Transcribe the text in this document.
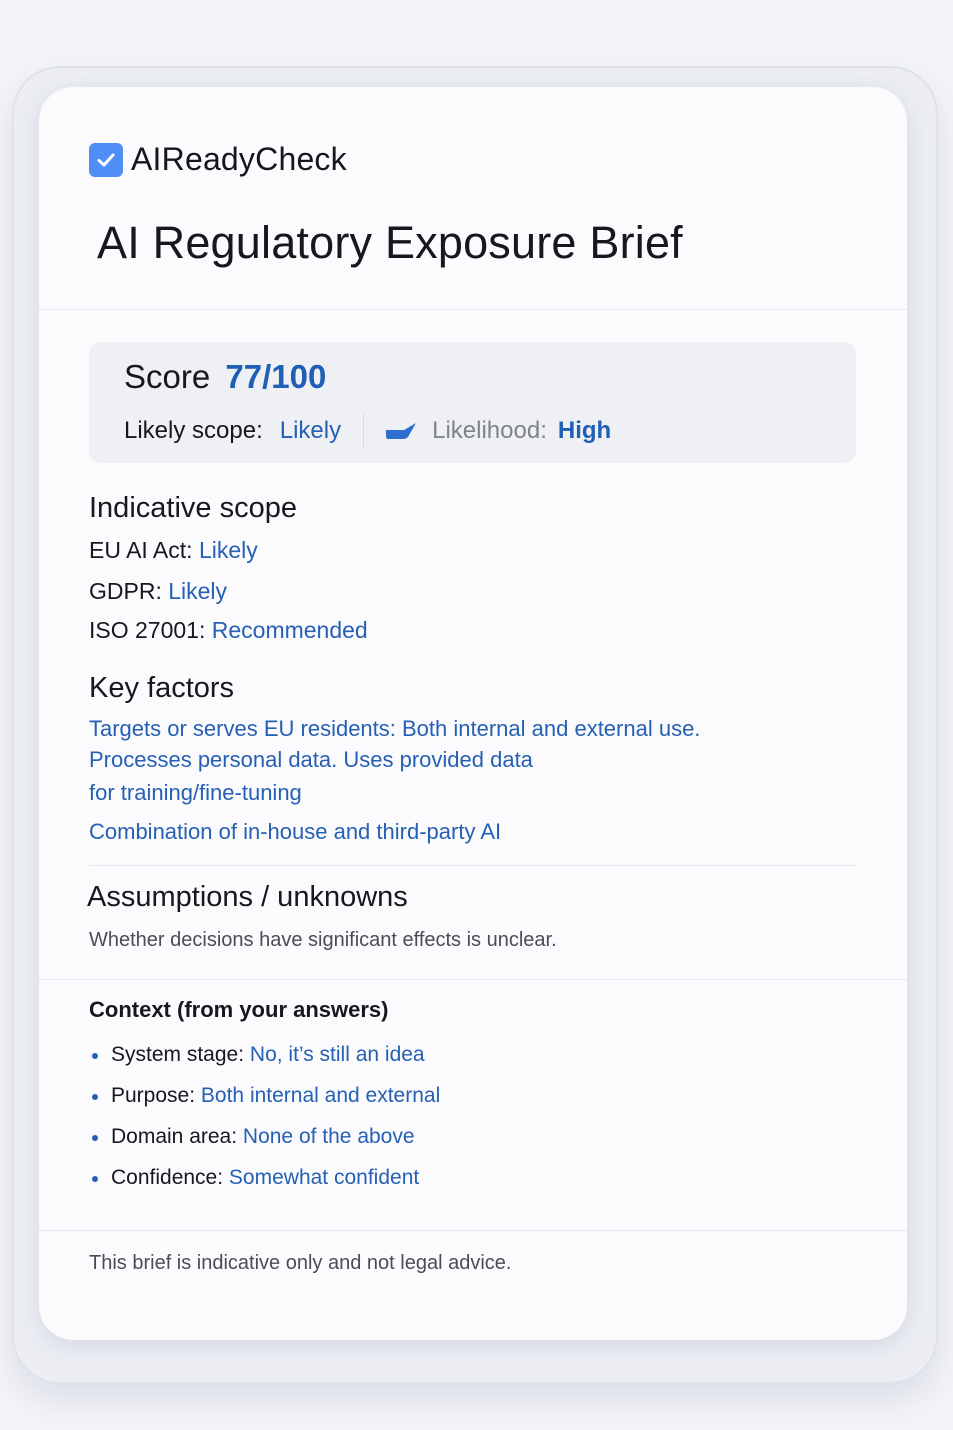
AIReadyCheck
AI Regulatory Exposure Brief
Score 77/100
Likely scope: Likely	Likelihood: High
Indicative scope
EU AI Act: Likely
GDPR: Likely
ISO 27001: Recommended
Key factors
Targets or serves EU residents: Both internal and external use.
Processes personal data. Uses provided data
for training/fine-tuning
Combination of in-house and third-party AI
Assumptions / unknowns
Whether decisions have significant effects is unclear.
Context (from your answers)
System stage: No, it’s still an idea
Purpose: Both internal and external
Domain area: None of the above
Confidence: Somewhat confident
This brief is indicative only and not legal advice.
